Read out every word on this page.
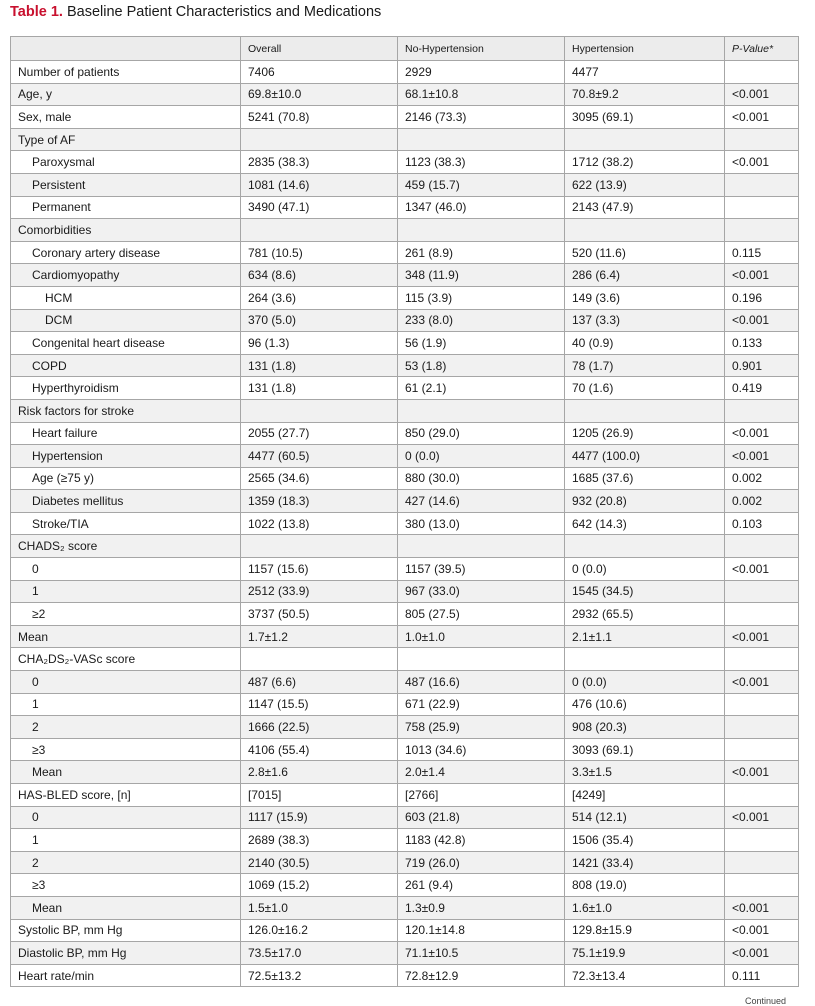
Table 1. Baseline Patient Characteristics and Medications
	Overall	No-Hypertension	Hypertension	P-Value*
Number of patients	7406	2929	4477	
Age, y	69.8±10.0	68.1±10.8	70.8±9.2	<0.001
Sex, male	5241 (70.8)	2146 (73.3)	3095 (69.1)	<0.001
Type of AF				
Paroxysmal	2835 (38.3)	1123 (38.3)	1712 (38.2)	<0.001
Persistent	1081 (14.6)	459 (15.7)	622 (13.9)	
Permanent	3490 (47.1)	1347 (46.0)	2143 (47.9)	
Comorbidities				
Coronary artery disease	781 (10.5)	261 (8.9)	520 (11.6)	0.115
Cardiomyopathy	634 (8.6)	348 (11.9)	286 (6.4)	<0.001
HCM	264 (3.6)	115 (3.9)	149 (3.6)	0.196
DCM	370 (5.0)	233 (8.0)	137 (3.3)	<0.001
Congenital heart disease	96 (1.3)	56 (1.9)	40 (0.9)	0.133
COPD	131 (1.8)	53 (1.8)	78 (1.7)	0.901
Hyperthyroidism	131 (1.8)	61 (2.1)	70 (1.6)	0.419
Risk factors for stroke				
Heart failure	2055 (27.7)	850 (29.0)	1205 (26.9)	<0.001
Hypertension	4477 (60.5)	0 (0.0)	4477 (100.0)	<0.001
Age (≥75 y)	2565 (34.6)	880 (30.0)	1685 (37.6)	0.002
Diabetes mellitus	1359 (18.3)	427 (14.6)	932 (20.8)	0.002
Stroke/TIA	1022 (13.8)	380 (13.0)	642 (14.3)	0.103
CHADS₂ score				
0	1157 (15.6)	1157 (39.5)	0 (0.0)	<0.001
1	2512 (33.9)	967 (33.0)	1545 (34.5)	
≥2	3737 (50.5)	805 (27.5)	2932 (65.5)	
Mean	1.7±1.2	1.0±1.0	2.1±1.1	<0.001
CHA₂DS₂-VASc score				
0	487 (6.6)	487 (16.6)	0 (0.0)	<0.001
1	1147 (15.5)	671 (22.9)	476 (10.6)	
2	1666 (22.5)	758 (25.9)	908 (20.3)	
≥3	4106 (55.4)	1013 (34.6)	3093 (69.1)	
Mean	2.8±1.6	2.0±1.4	3.3±1.5	<0.001
HAS-BLED score, [n]	[7015]	[2766]	[4249]	
0	1117 (15.9)	603 (21.8)	514 (12.1)	<0.001
1	2689 (38.3)	1183 (42.8)	1506 (35.4)	
2	2140 (30.5)	719 (26.0)	1421 (33.4)	
≥3	1069 (15.2)	261 (9.4)	808 (19.0)	
Mean	1.5±1.0	1.3±0.9	1.6±1.0	<0.001
Systolic BP, mm Hg	126.0±16.2	120.1±14.8	129.8±15.9	<0.001
Diastolic BP, mm Hg	73.5±17.0	71.1±10.5	75.1±19.9	<0.001
Heart rate/min	72.5±13.2	72.8±12.9	72.3±13.4	0.111
Continued
